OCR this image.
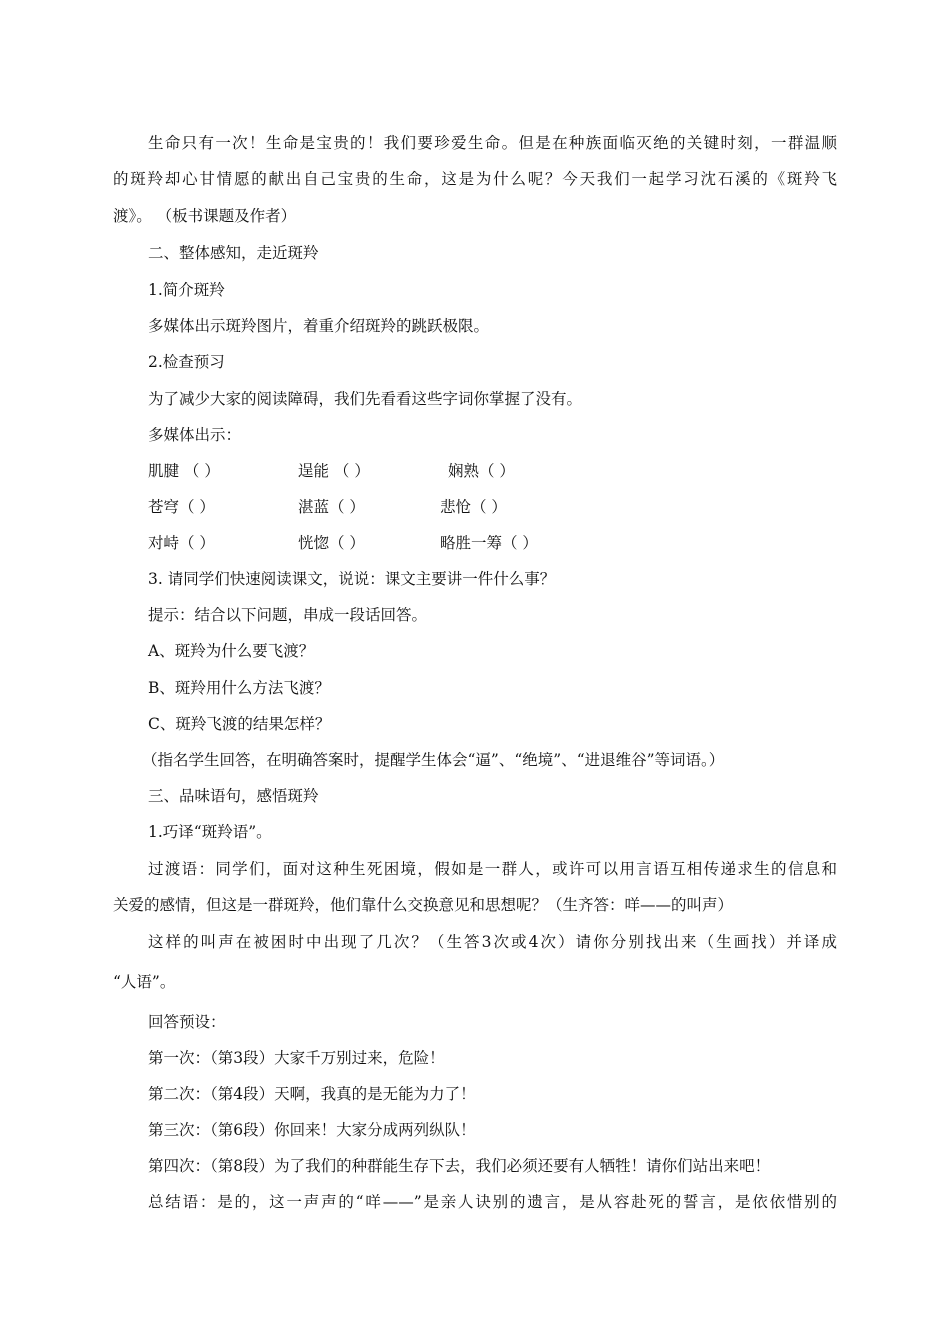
生命只有一次！生命是宝贵的！我们要珍爱生命。但是在种族面临灭绝的关键时刻，一群温顺
的斑羚却心甘情愿的献出自己宝贵的生命，这是为什么呢？今天我们一起学习沈石溪的《斑羚飞
渡》。 （板书课题及作者）
二、整体感知，走近斑羚
1.简介斑羚
多媒体出示斑羚图片，着重介绍斑羚的跳跃极限。
2.检查预习
为了减少大家的阅读障碍，我们先看看这些字词你掌握了没有。
多媒体出示：
肌腱 （ ）	逞能 （ ）	娴熟（ ）
苍穹（ ）	湛蓝（ ）	悲怆（ ）
对峙（ ）	恍惚（ ）	略胜一筹（ ）
3. 请同学们快速阅读课文，说说：课文主要讲一件什么事？
提示：结合以下问题，串成一段话回答。
A、斑羚为什么要飞渡？
B、斑羚用什么方法飞渡？
C、斑羚飞渡的结果怎样？
（指名学生回答，在明确答案时，提醒学生体会“逼”、“绝境”、“进退维谷”等词语。）
三、品味语句，感悟斑羚
1.巧译“斑羚语”。
过渡语：同学们，面对这种生死困境，假如是一群人，或许可以用言语互相传递求生的信息和
关爱的感情，但这是一群斑羚，他们靠什么交换意见和思想呢？（生齐答：咩——的叫声）
这样的叫声在被困时中出现了几次？（生答3次或4次）请你分别找出来（生画找）并译成
“人语”。
回答预设：
第一次：（第3段）大家千万别过来，危险！
第二次：（第4段）天啊，我真的是无能为力了！
第三次：（第6段）你回来！大家分成两列纵队！
第四次：（第8段）为了我们的种群能生存下去，我们必须还要有人牺牲！请你们站出来吧！
总结语：是的，这一声声的“咩——”是亲人诀别的遗言，是从容赴死的誓言，是依依惜别的
